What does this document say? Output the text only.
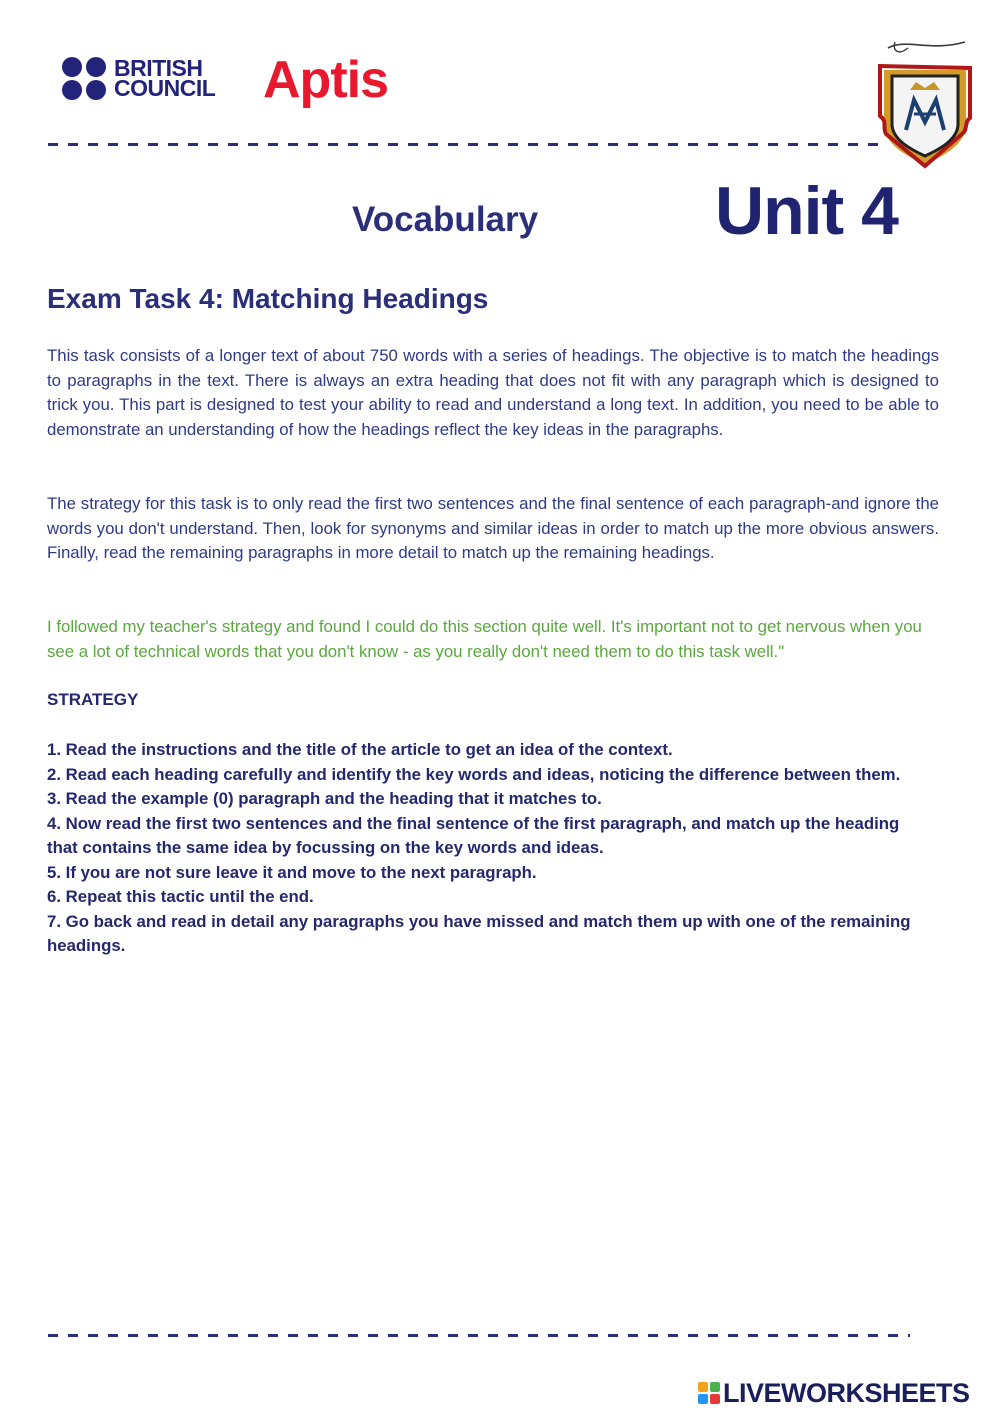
BRITISH
COUNCIL Aptis
Vocabulary	Unit 4
Exam Task 4: Matching Headings
This task consists of a longer text of about 750 words with a series of headings. The objective is to match the headings to paragraphs in the text. There is always an extra heading that does not fit with any paragraph which is designed to trick you. This part is designed to test your ability to read and understand a long text. In addition, you need to be able to demonstrate an understanding of how the headings reflect the key ideas in the paragraphs.
The strategy for this task is to only read the first two sentences and the final sentence of each paragraph-and ignore the words you don't understand. Then, look for synonyms and similar ideas in order to match up the more obvious answers. Finally, read the remaining paragraphs in more detail to match up the remaining headings.
I followed my teacher's strategy and found I could do this section quite well. It's important not to get nervous when you see a lot of technical words that you don't know - as you really don't need them to do this task well."
STRATEGY
1. Read the instructions and the title of the article to get an idea of the context.
2. Read each heading carefully and identify the key words and ideas, noticing the difference between them.
3. Read the example (0) paragraph and the heading that it matches to.
4. Now read the first two sentences and the final sentence of the first paragraph, and match up the heading that contains the same idea by focussing on the key words and ideas.
5. If you are not sure leave it and move to the next paragraph.
6. Repeat this tactic until the end.
7. Go back and read in detail any paragraphs you have missed and match them up with one of the remaining headings.
LIVEWORKSHEETS
